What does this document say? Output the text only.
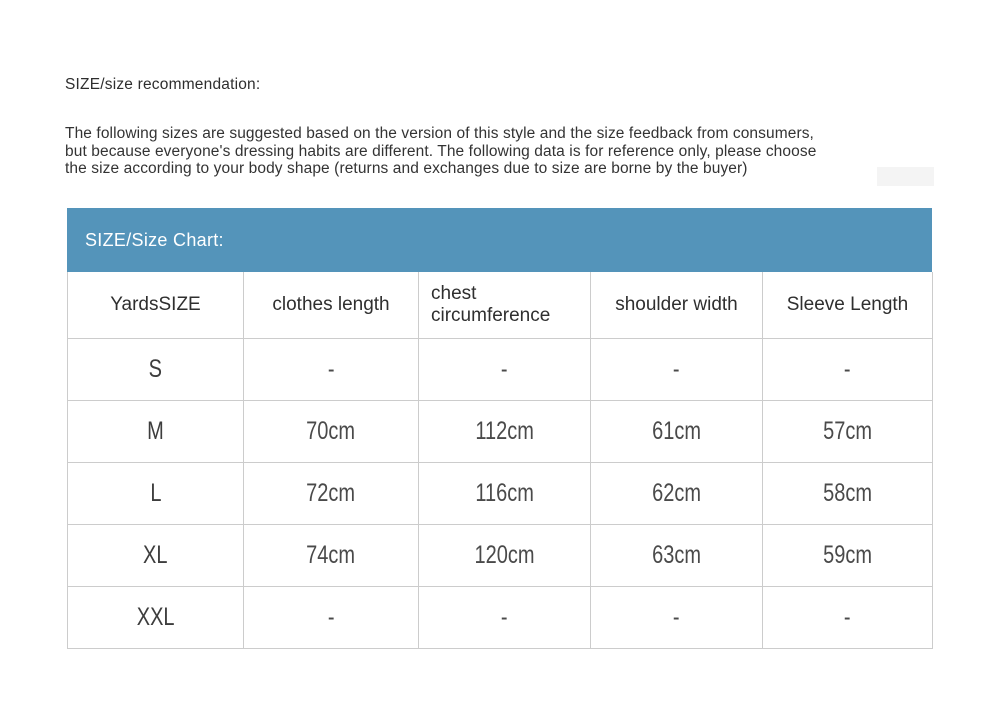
SIZE/size recommendation:
The following sizes are suggested based on the version of this style and the size feedback from consumers,
but because everyone's dressing habits are different. The following data is for reference only, please choose
the size according to your body shape (returns and exchanges due to size are borne by the buyer)
SIZE/Size Chart:
YardsSIZE	clothes length	chest circumference	shoulder width	Sleeve Length
S	-	-	-	-
M	70cm	112cm	61cm	57cm
L	72cm	116cm	62cm	58cm
XL	74cm	120cm	63cm	59cm
XXL	-	-	-	-
